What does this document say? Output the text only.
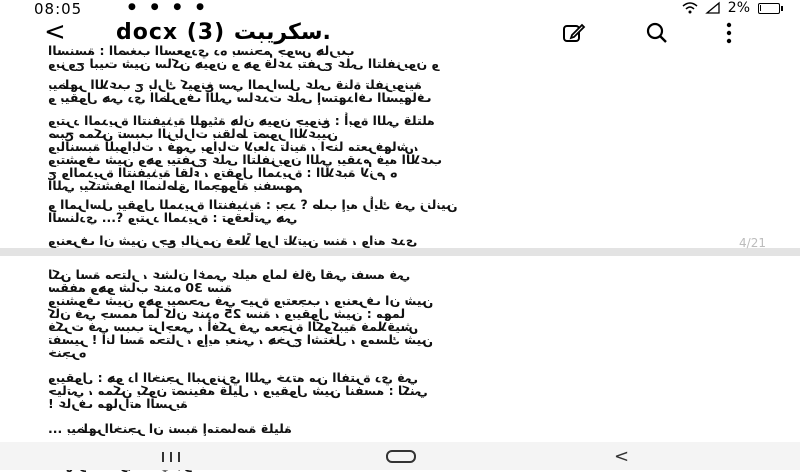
08:05	● ● ● ●	2%
< docx (3) سكريبت.
السنسة : الصغب السعودي ده بسنحم جوس هاريب
وبزوج لبيت شين ساكن هيون و هو قاعد بتفرج على التلفزيون و
بيظهر اللاعب ج بارك كيونغ سي المراسل على قناة تلفزيونية
و بيقول هي دي الظروف اللي ساعدت على إستهداف السيهاف
وبترد المديرة التنفيذية للهيئة هان هيون جيونغ : أبوة اللي قلتله
صبح ممكن تسبب الزيارات بنقاط تصور اللاعبين
وبالنسبة للبوابات ، فهي بوابات لابعاد تانية ، احنا متعرفهاش،
وبتشوف شين وهو بيتفرج على التلفزيون اللي بيقدم فيه اللاعب
ج والمديرة التنفيذية لقاء ، وتقول المديرة : اللاعبة لازم ه
اللي بيكتشفوا المناطق المجهولة بنفسهم
و المراسل بيقول للمديرة التنفيذية : بجد ؟ طب إيه رأيك في زنانين
السنادي ...؟ وبترد المديرة : توقعاتي هي
وبنعرف ان شين رجع بالزمن فعلاً لورا تلاتين سنة ، وانه عدى	4/21
لكن لسة محتار ، عشان اغمي عليه ولما فاق لقي نفسه في
سقفه وهو شاب عنده 30 سنة
وبنشوف شين وهو بيصحى في حيرة وبتعجب ، وبنعرف ان شين
كان في جسمه لما كان عنده 25 سنة ، وبيقول شين : مهما
فكرت في سبب تراجعي ، أفكر في معجزة الكوكبية فملاقيش
تفسير ! انا لسة محتار ، وإيه بعني ، هخرج اشتغل ، ومسك شين
خنجره
وبيقول : هو دا الخنجر البرونزي اللي خدته من الفترة دي في
حياتي ، ممكن يكون تصنيفه قليل ، وبيقول شين لنفسه : لكني
! عارف مهاراته السرية
... بيظهرالخنجر ان نسبة إمتصاصة قليلة
<
